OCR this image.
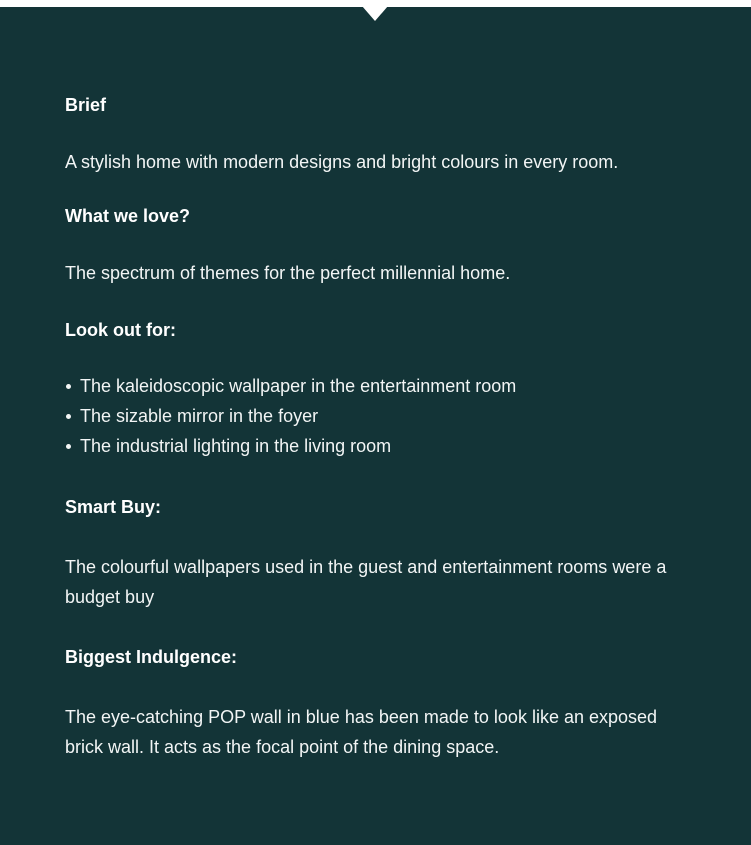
Brief
A stylish home with modern designs and bright colours in every room.
What we love?
The spectrum of themes for the perfect millennial home.
Look out for:
The kaleidoscopic wallpaper in the entertainment room
The sizable mirror in the foyer
The industrial lighting in the living room
Smart Buy:
The colourful wallpapers used in the guest and entertainment rooms were a budget buy
Biggest Indulgence:
The eye-catching POP wall in blue has been made to look like an exposed brick wall. It acts as the focal point of the dining space.
